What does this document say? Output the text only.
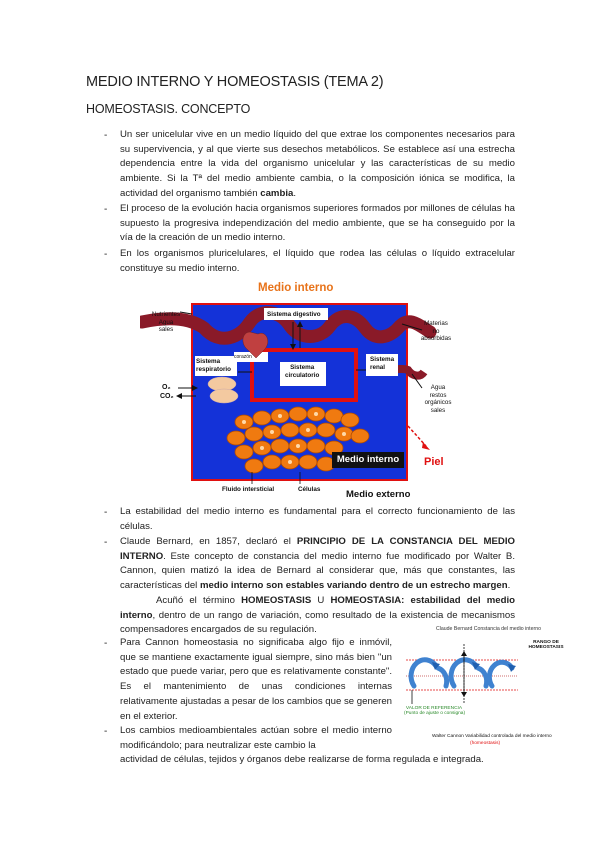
MEDIO INTERNO Y HOMEOSTASIS (TEMA 2)
HOMEOSTASIS. CONCEPTO
- Un ser unicelular vive en un medio líquido del que extrae los componentes necesarios para su supervivencia, y al que vierte sus desechos metabólicos. Se establece así una estrecha dependencia entre la vida del organismo unicelular y las características de su medio ambiente. Si la Tª del medio ambiente cambia, o la composición iónica se modifica, la actividad del organismo también cambia.
- El proceso de la evolución hacia organismos superiores formados por millones de células ha supuesto la progresiva independización del medio ambiente, que se ha conseguido por la vía de la creación de un medio interno.
- En los organismos pluricelulares, el líquido que rodea las células o líquido extracelular constituye su medio interno.
Medio interno
Nutrientes
Agua
sales
Sistema digestivo
Materias
no
absorbidas
Sistema
respiratorio
corazón
Sistema
circulatorio
Sistema
renal
O₂
CO₂
Agua
restos
orgánicos
sales
Medio interno	Piel
Fluido intersticial	Células	Medio externo
- La estabilidad del medio interno es fundamental para el correcto funcionamiento de las células.
- Claude Bernard, en 1857, declaró el PRINCIPIO DE LA CONSTANCIA DEL MEDIO INTERNO. Este concepto de constancia del medio interno fue modificado por Walter B. Cannon, quien matizó la idea de Bernard al considerar que, más que constantes, las características del medio interno son estables variando dentro de un estrecho margen.
Acuñó el término HOMEOSTASIS U HOMEOSTASIA: estabilidad del medio interno, dentro de un rango de variación, como resultado de la existencia de mecanismos compensadores encargados de su regulación.
- Para Cannon homeostasia no significaba algo fijo e inmóvil, que se mantiene exactamente igual siempre, sino más bien "un estado que puede variar, pero que es relativamente constante". Es el mantenimiento de unas condiciones internas relativamente ajustadas a pesar de los cambios que se generen en el exterior.
- Los cambios medioambientales actúan sobre el medio interno modificándolo; para neutralizar este cambio la
actividad de células, tejidos y órganos debe realizarse de forma regulada e integrada.
Claude Bernard Constancia del medio interno
RANGO DE
HOMEOSTASIS
VALOR DE REFERENCIA
(Punto de ajuste o consigna)
Walter Cannon Variabilidad controlada del medio interno
(homeostasis)
